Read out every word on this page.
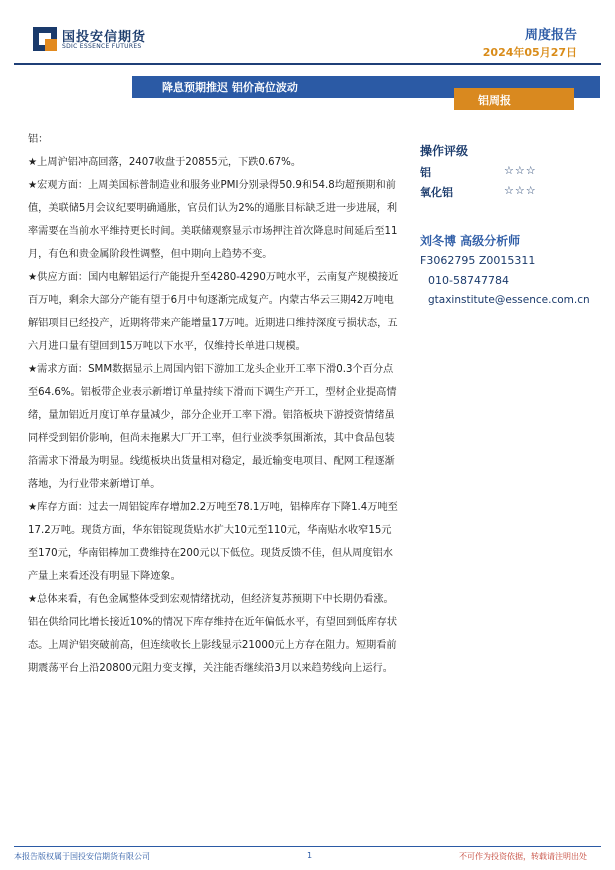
国投安信期货
SDIC ESSENCE FUTURES
周度报告
2024年05月27日
降息预期推迟 铝价高位波动
铝周报

铝：

★上周沪铝冲高回落，2407收盘于20855元，下跌0.67%。

★宏观方面：上周美国标普制造业和服务业PMI分别录得50.9和54.8均超预期和前值，美联储5月会议纪要明确通胀，官员们认为2%的通胀目标缺乏进一步进展，利率需要在当前水平维持更长时间。美联储观察显示市场押注首次降息时间延后至11月，有色和贵金属阶段性调整，但中期向上趋势不变。

★供应方面：国内电解铝运行产能提升至4280-4290万吨水平，云南复产规模接近百万吨，剩余大部分产能有望于6月中旬逐渐完成复产。内蒙古华云三期42万吨电解铝项目已经投产，近期将带来产能增量17万吨。近期进口维持深度亏损状态，五六月进口量有望回到15万吨以下水平，仅维持长单进口规模。

★需求方面：SMM数据显示上周国内铝下游加工龙头企业开工率下滑0.3个百分点至64.6%。铝板带企业表示新增订单量持续下滑而下调生产开工，型材企业提高情绪，量加铝近月度订单存量减少，部分企业开工率下滑。铝箔板块下游授资情绪虽同样受到铝价影响，但尚未拖累大厂开工率，但行业淡季氛围渐浓，其中食品包装箔需求下滑最为明显。线缆板块出货量相对稳定，最近输变电项目、配网工程逐渐落地，为行业带来新增订单。

★库存方面：过去一周铝锭库存增加2.2万吨至78.1万吨，铝棒库存下降1.4万吨至17.2万吨。现货方面，华东铝锭现货贴水扩大10元至110元，华南贴水收窄15元至170元，华南铝棒加工费维持在200元以下低位。现货反馈不佳，但从周度铝水产量上来看还没有明显下降迹象。

★总体来看，有色金属整体受到宏观情绪扰动，但经济复苏预期下中长期仍看涨。铝在供给同比增长接近10%的情况下库存维持在近年偏低水平，有望回到低库存状态。上周沪铝突破前高，但连续收长上影线显示21000元上方存在阻力。短期看前期震荡平台上沿20800元阻力变支撑，关注能否继续沿3月以来趋势线向上运行。

操作评级
铝	☆☆☆
氧化铝	☆☆☆
刘冬博 高级分析师
F3062795 Z0015311
010-58747784
gtaxinstitute@essence.com.cn
本报告版权属于国投安信期货有限公司	1	不可作为投资依据，转载请注明出处
